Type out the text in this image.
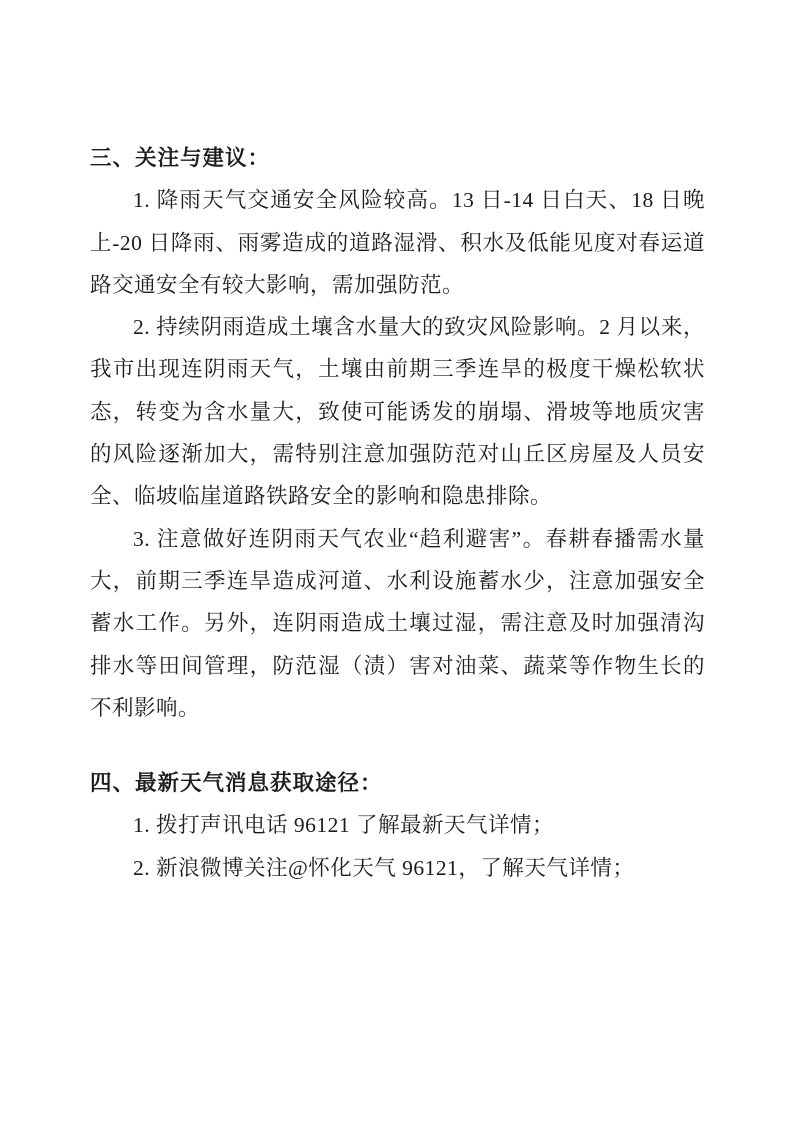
三、关注与建议：

1. 降雨天气交通安全风险较高。13 日-14 日白天、18 日晚上-20 日降雨、雨雾造成的道路湿滑、积水及低能见度对春运道路交通安全有较大影响，需加强防范。

2. 持续阴雨造成土壤含水量大的致灾风险影响。2 月以来，我市出现连阴雨天气，土壤由前期三季连旱的极度干燥松软状态，转变为含水量大，致使可能诱发的崩塌、滑坡等地质灾害的风险逐渐加大，需特别注意加强防范对山丘区房屋及人员安全、临坡临崖道路铁路安全的影响和隐患排除。

3. 注意做好连阴雨天气农业“趋利避害”。春耕春播需水量大，前期三季连旱造成河道、水利设施蓄水少，注意加强安全蓄水工作。另外，连阴雨造成土壤过湿，需注意及时加强清沟排水等田间管理，防范湿（渍）害对油菜、蔬菜等作物生长的不利影响。

四、最新天气消息获取途径：

1. 拨打声讯电话 96121 了解最新天气详情；

2. 新浪微博关注@怀化天气 96121，了解天气详情；
